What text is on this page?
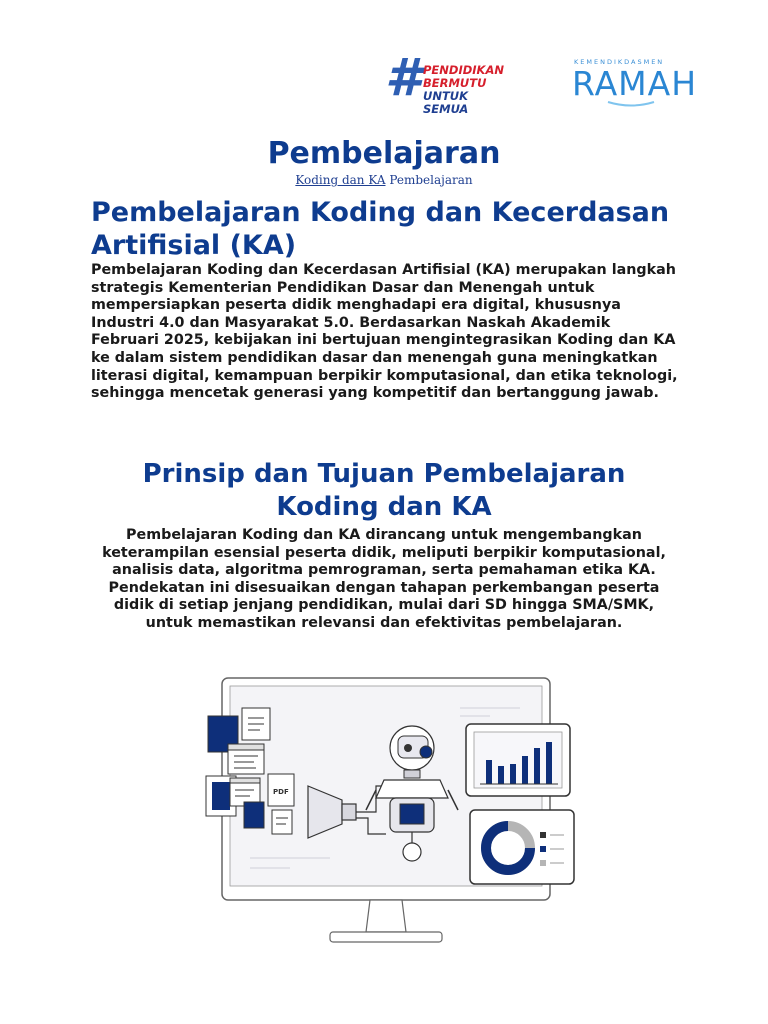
# PENDIDIKAN
BERMUTU
UNTUK SEMUA
KEMENDIKDASMEN
RAMAH
Pembelajaran
Koding dan KA Pembelajaran
Pembelajaran Koding dan Kecerdasan Artifisial (KA)
Pembelajaran Koding dan Kecerdasan Artifisial (KA) merupakan langkah strategis Kementerian Pendidikan Dasar dan Menengah untuk mempersiapkan peserta didik menghadapi era digital, khususnya Industri 4.0 dan Masyarakat 5.0. Berdasarkan Naskah Akademik Februari 2025, kebijakan ini bertujuan mengintegrasikan Koding dan KA ke dalam sistem pendidikan dasar dan menengah guna meningkatkan literasi digital, kemampuan berpikir komputasional, dan etika teknologi, sehingga mencetak generasi yang kompetitif dan bertanggung jawab.
Prinsip dan Tujuan Pembelajaran Koding dan KA
Pembelajaran Koding dan KA dirancang untuk mengembangkan keterampilan esensial peserta didik, meliputi berpikir komputasional, analisis data, algoritma pemrograman, serta pemahaman etika KA. Pendekatan ini disesuaikan dengan tahapan perkembangan peserta didik di setiap jenjang pendidikan, mulai dari SD hingga SMA/SMK, untuk memastikan relevansi dan efektivitas pembelajaran.
PDF
